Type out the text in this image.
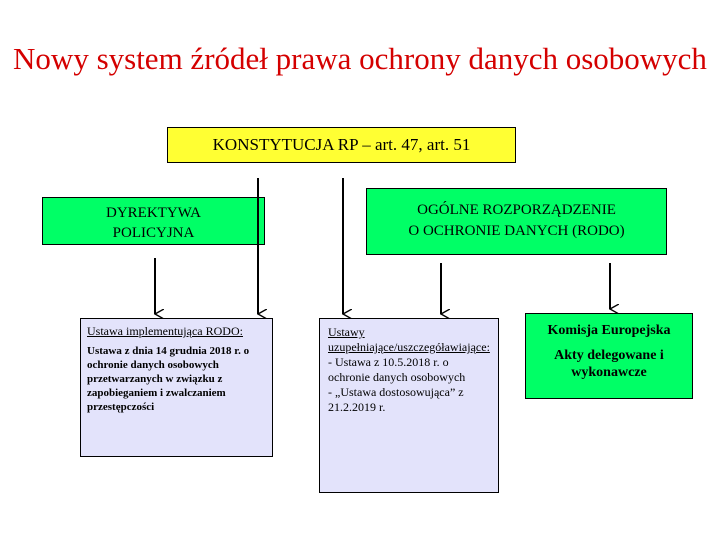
Nowy system źródeł prawa ochrony danych osobowych
KONSTYTUCJA RP – art. 47, art. 51
DYREKTYWA
POLICYJNA
OGÓLNE ROZPORZĄDZENIE
O OCHRONIE DANYCH (RODO)
Ustawa implementująca RODO:
Ustawa z dnia 14 grudnia 2018 r. o ochronie danych osobowych przetwarzanych w związku z zapobieganiem i zwalczaniem przestępczości
Ustawy uzupełniające/uszczegóławiające:
- Ustawa z 10.5.2018 r. o ochronie danych osobowych
- „Ustawa dostosowująca” z 21.2.2019 r.
Komisja Europejska
Akty delegowane i wykonawcze
